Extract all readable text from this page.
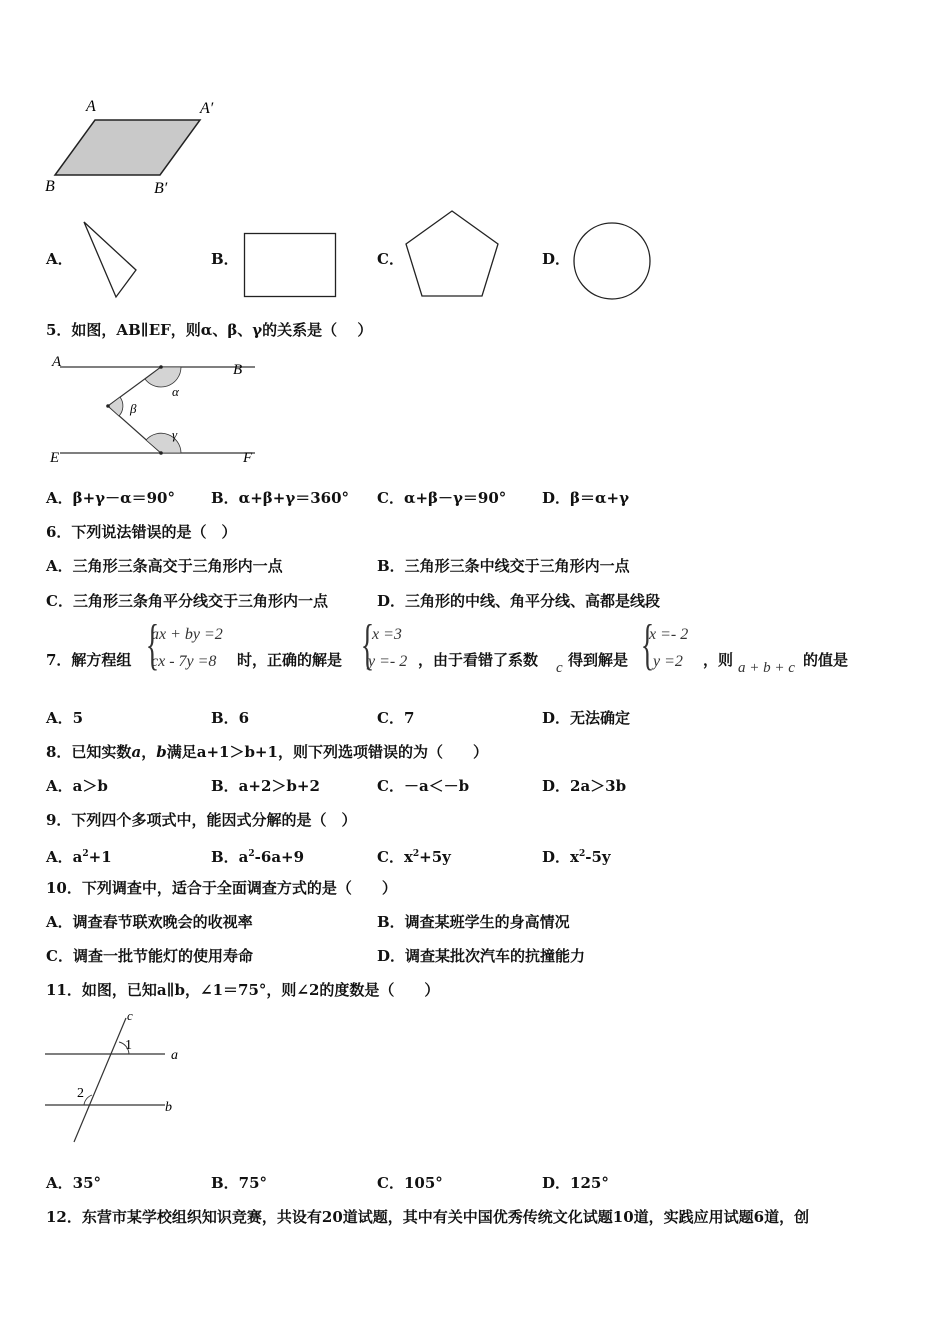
A	A′
B	B′
A．	B．	C．	D．
5．如图，AB∥EF，则α、β、γ的关系是（　 ）
A	B
E	F
α
β
γ
A．β+γ－α＝90° B．α+β+γ＝360° C．α+β－γ＝90° D．β＝α+γ
6．下列说法错误的是（　）
A．三角形三条高交于三角形内一点	B．三角形三条中线交于三角形内一点
C．三角形三条角平分线交于三角形内一点	D．三角形的中线、角平分线、高都是线段
7．解方程组 {
ax + by =2
cx - 7y =8 时，正确的解是 {
x =3
y =- 2 ，由于看错了系数 c 得到解是 {
x =- 2
y =2 ，则 a + b + c 的值是
A．5	B．6	C．7	D．无法确定
8．已知实数a，b满足a+1＞b+1，则下列选项错误的为（　　）
A．a＞b	B．a+2＞b+2	C．－a＜－b	D．2a＞3b
9．下列四个多项式中，能因式分解的是（　）
A．$a^2+1$	B．$a^2-6a+9$	C．$x^2+5y$	D．$x^2-5y$
10．下列调查中，适合于全面调查方式的是（　　）
A．调查春节联欢晚会的收视率	B．调查某班学生的身高情况
C．调查一批节能灯的使用寿命	D．调查某批次汽车的抗撞能力
11．如图，已知a∥b，∠1＝75°，则∠2的度数是（　　）
c
a
b
1
2
A．35°	B．75°	C．105°	D．125°
12．东营市某学校组织知识竞赛，共设有20道试题，其中有关中国优秀传统文化试题10道，实践应用试题6道，创
